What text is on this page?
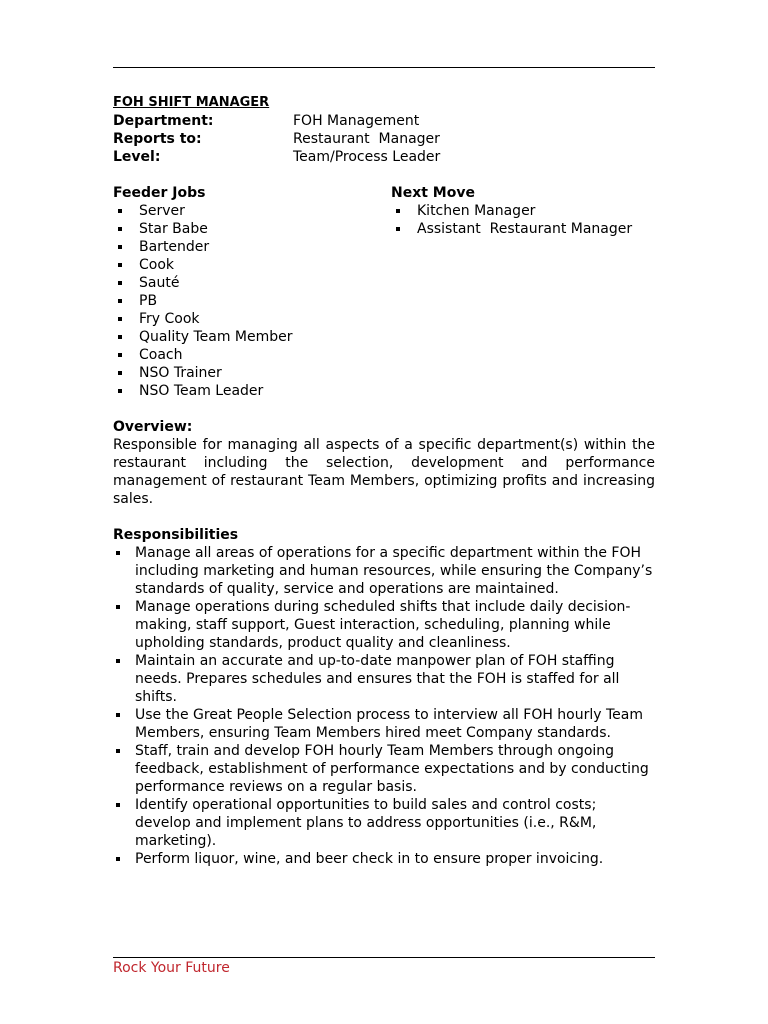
FOH SHIFT MANAGER
Department:	FOH Management
Reports to:	Restaurant  Manager
Level:	Team/Process Leader
Feeder Jobs
Server
Star Babe
Bartender
Cook
Sauté
PB
Fry Cook
Quality Team Member
Coach
NSO Trainer
NSO Team Leader
Next Move
Kitchen Manager
Assistant  Restaurant Manager
Overview:
Responsible for managing all aspects of a specific department(s) within the restaurant including the selection, development and performance management of restaurant Team Members, optimizing profits and increasing sales.
Responsibilities
Manage all areas of operations for a specific department within the FOH including marketing and human resources, while ensuring the Company’s standards of quality, service and operations are maintained.
Manage operations during scheduled shifts that include daily decision-making, staff support, Guest interaction, scheduling, planning while upholding standards, product quality and cleanliness.
Maintain an accurate and up-to-date manpower plan of FOH staffing needs. Prepares schedules and ensures that the FOH is staffed for all shifts.
Use the Great People Selection process to interview all FOH hourly Team Members, ensuring Team Members hired meet Company standards.
Staff, train and develop FOH hourly Team Members through ongoing feedback, establishment of performance expectations and by conducting performance reviews on a regular basis.
Identify operational opportunities to build sales and control costs; develop and implement plans to address opportunities (i.e., R&M, marketing).
Perform liquor, wine, and beer check in to ensure proper invoicing.
Rock Your Future
